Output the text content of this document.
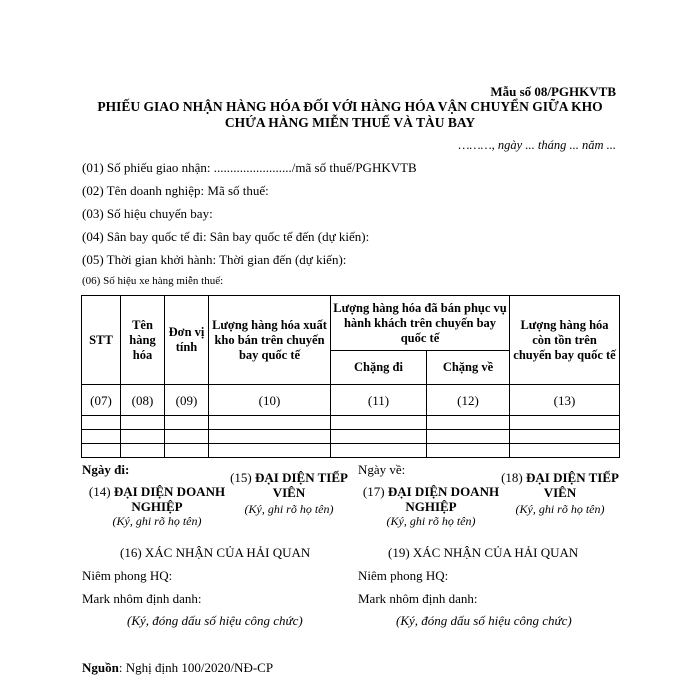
Mẫu số 08/PGHKVTB
PHIẾU GIAO NHẬN HÀNG HÓA ĐỐI VỚI HÀNG HÓA VẬN CHUYỂN GIỮA KHO
CHỨA HÀNG MIỄN THUẾ VÀ TÀU BAY
………, ngày ... tháng ... năm ...
(01) Số phiếu giao nhận: ......................../mã số thuế/PGHKVTB
(02) Tên doanh nghiệp: Mã số thuế:
(03) Số hiệu chuyến bay:
(04) Sân bay quốc tế đi: Sân bay quốc tế đến (dự kiến):
(05) Thời gian khởi hành: Thời gian đến (dự kiến):
(06) Số hiệu xe hàng miễn thuế:
STT	Tên hàng hóa	Đơn vị tính	Lượng hàng hóa xuất kho bán trên chuyến bay quốc tế	Lượng hàng hóa đã bán phục vụ hành khách trên chuyến bay quốc tế		Lượng hàng hóa còn tồn trên chuyến bay quốc tế
				Chặng đi	Chặng về	
(07)	(08)	(09)	(10)	(11)	(12)	(13)

Ngày đi:
(14) ĐẠI DIỆN DOANH NGHIỆP
(Ký, ghi rõ họ tên)
(15) ĐẠI DIỆN TIẾP VIÊN
(Ký, ghi rõ họ tên)
(16) XÁC NHẬN CỦA HẢI QUAN
Niêm phong HQ:
Mark nhôm định danh:
(Ký, đóng dấu số hiệu công chức)
Ngày về:
(17) ĐẠI DIỆN DOANH NGHIỆP
(Ký, ghi rõ họ tên)
(18) ĐẠI DIỆN TIẾP VIÊN
(Ký, ghi rõ họ tên)
(19) XÁC NHẬN CỦA HẢI QUAN
Niêm phong HQ:
Mark nhôm định danh:
(Ký, đóng dấu số hiệu công chức)
Nguồn: Nghị định 100/2020/NĐ-CP
